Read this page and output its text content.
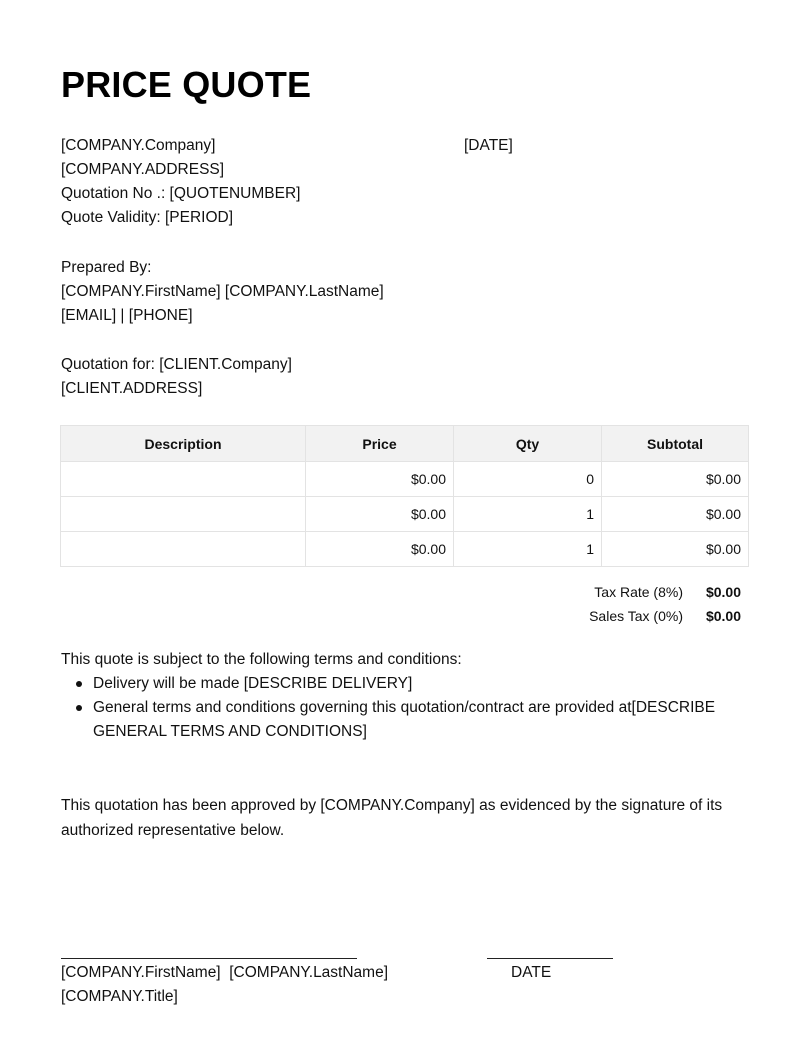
PRICE QUOTE
[COMPANY.Company]
[COMPANY.ADDRESS]
Quotation No .: [QUOTENUMBER]
Quote Validity: [PERIOD]
[DATE]
Prepared By:
[COMPANY.FirstName] [COMPANY.LastName]
[EMAIL] | [PHONE]
Quotation for: [CLIENT.Company]
[CLIENT.ADDRESS]
Description	Price	Qty	Subtotal
	$0.00	0	$0.00
	$0.00	1	$0.00
	$0.00	1	$0.00
Tax Rate (8%) $0.00
Sales Tax (0%) $0.00
This quote is subject to the following terms and conditions:
Delivery will be made [DESCRIBE DELIVERY]
General terms and conditions governing this quotation/contract are provided at[DESCRIBE GENERAL TERMS AND CONDITIONS]
This quotation has been approved by [COMPANY.Company] as evidenced by the signature of its authorized representative below.
[COMPANY.FirstName]  [COMPANY.LastName]
[COMPANY.Title]
DATE
